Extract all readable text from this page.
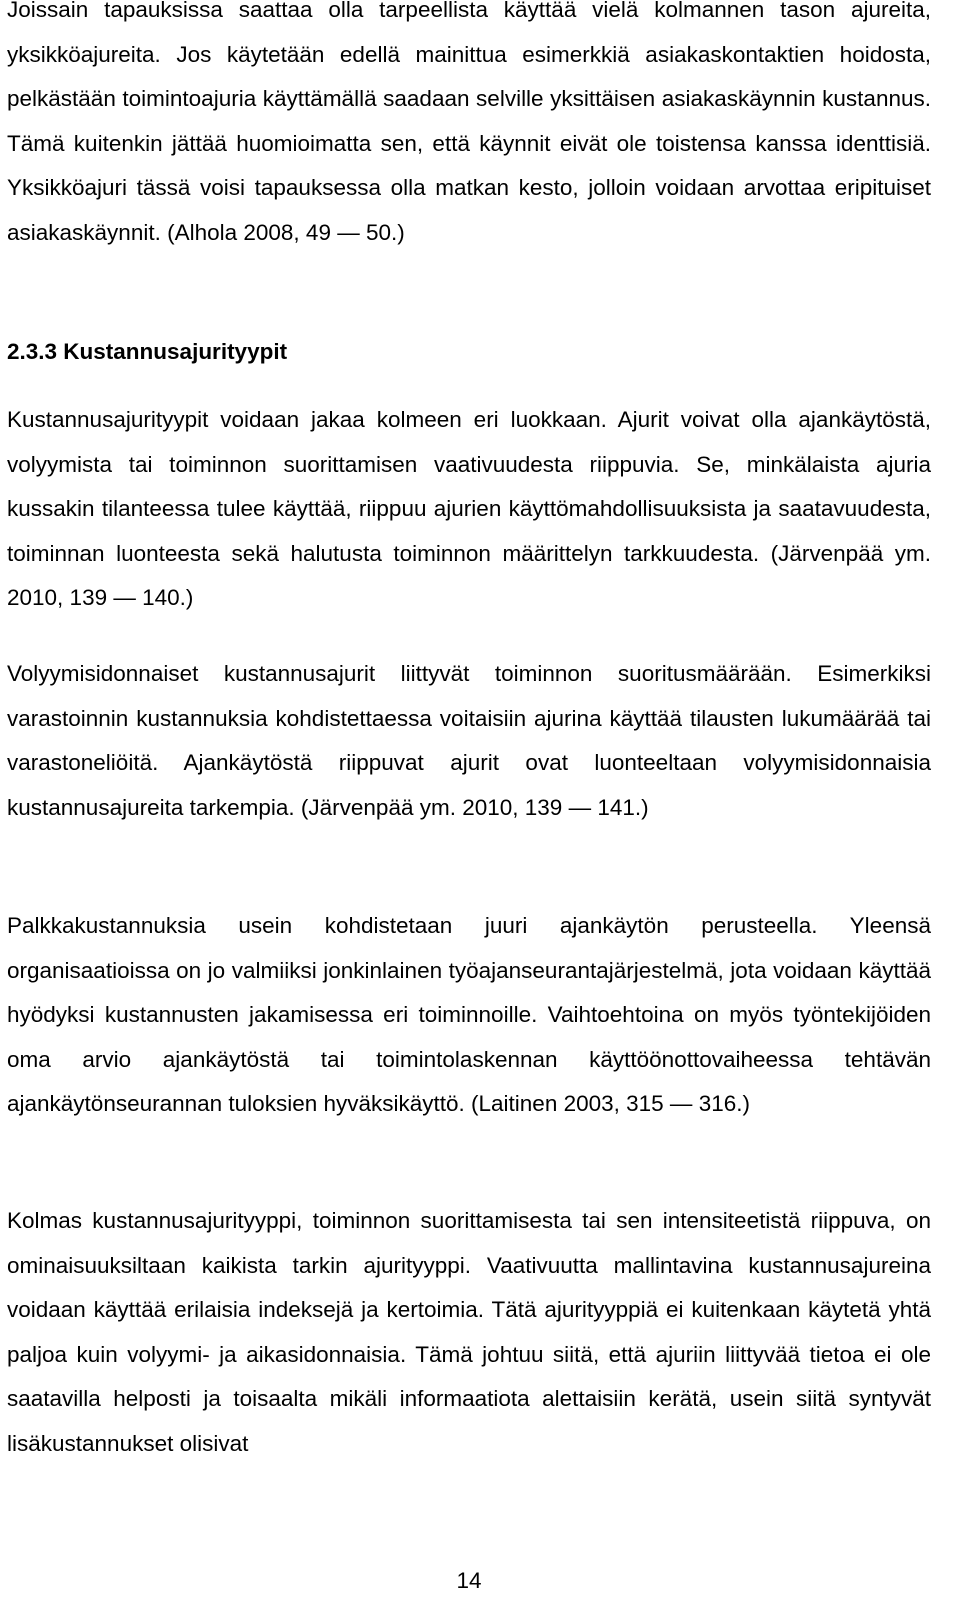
Joissain tapauksissa saattaa olla tarpeellista käyttää vielä kolmannen tason ajureita, yksikköajureita. Jos käytetään edellä mainittua esimerkkiä asiakaskontaktien hoidosta, pelkästään toimintoajuria käyttämällä saadaan selville yksittäisen asiakaskäynnin kustannus. Tämä kuitenkin jättää huomioimatta sen, että käynnit eivät ole toistensa kanssa identtisiä. Yksikköajuri tässä voisi tapauksessa olla matkan kesto, jolloin voidaan arvottaa eripituiset asiakaskäynnit. (Alhola 2008, 49 — 50.)

2.3.3 Kustannusajurityypit

Kustannusajurityypit voidaan jakaa kolmeen eri luokkaan. Ajurit voivat olla ajankäytöstä, volyymista tai toiminnon suorittamisen vaativuudesta riippuvia. Se, minkälaista ajuria kussakin tilanteessa tulee käyttää, riippuu ajurien käyttömahdollisuuksista ja saatavuudesta, toiminnan luonteesta sekä halutusta toiminnon määrittelyn tarkkuudesta. (Järvenpää ym. 2010, 139 — 140.)

Volyymisidonnaiset kustannusajurit liittyvät toiminnon suoritusmäärään. Esimerkiksi varastoinnin kustannuksia kohdistettaessa voitaisiin ajurina käyttää tilausten lukumäärää tai varastoneliöitä. Ajankäytöstä riippuvat ajurit ovat luonteeltaan volyymisidonnaisia kustannusajureita tarkempia. (Järvenpää ym. 2010, 139 — 141.)

Palkkakustannuksia usein kohdistetaan juuri ajankäytön perusteella. Yleensä organisaatioissa on jo valmiiksi jonkinlainen työajanseurantajärjestelmä, jota voidaan käyttää hyödyksi kustannusten jakamisessa eri toiminnoille. Vaihtoehtoina on myös työntekijöiden oma arvio ajankäytöstä tai toimintolaskennan käyttöönottovaiheessa tehtävän ajankäytönseurannan tuloksien hyväksikäyttö. (Laitinen 2003, 315 — 316.)

Kolmas kustannusajurityyppi, toiminnon suorittamisesta tai sen intensiteetistä riippuva, on ominaisuuksiltaan kaikista tarkin ajurityyppi. Vaativuutta mallintavina kustannusajureina voidaan käyttää erilaisia indeksejä ja kertoimia. Tätä ajurityyppiä ei kuitenkaan käytetä yhtä paljoa kuin volyymi- ja aikasidonnaisia. Tämä johtuu siitä, että ajuriin liittyvää tietoa ei ole saatavilla helposti ja toisaalta mikäli informaatiota alettaisiin kerätä, usein siitä syntyvät lisäkustannukset olisivat

14
